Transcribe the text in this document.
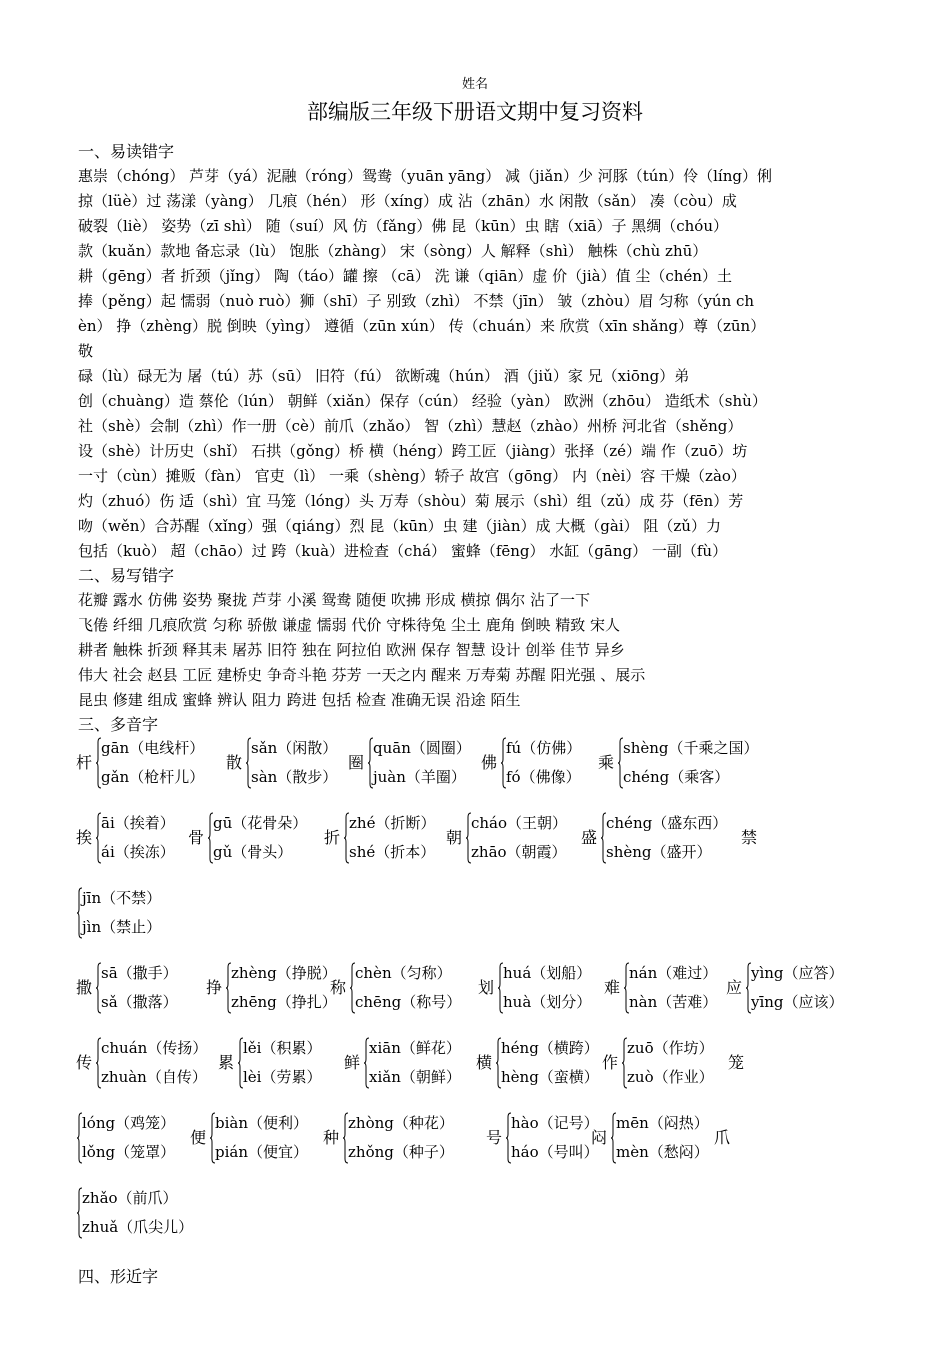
姓名
部编版三年级下册语文期中复习资料
一、易读错字
惠崇（chóng） 芦芽（yá）泥融（róng）鸳鸯（yuān yāng） 减（jiǎn）少 河豚（tún）伶（líng）俐
掠（lüè）过 荡漾（yàng） 几痕（hén） 形（xíng）成 沾（zhān）水 闲散（sǎn） 凑（còu）成
破裂（liè） 姿势（zī shì） 随（suí）风 仿（fǎng）佛 昆（kūn）虫 瞎（xiā）子 黑绸（chóu）
款（kuǎn）款地 备忘录（lù） 饱胀（zhàng） 宋（sòng）人 解释（shì） 触株（chù zhū）
耕（gēng）者 折颈（jǐng） 陶（táo）罐 擦 （cā） 洗 谦（qiān）虚 价（jià）值 尘（chén）土
捧（pěng）起 懦弱（nuò ruò）狮（shī）子 别致（zhì） 不禁（jīn） 皱（zhòu）眉 匀称（yún ch
èn） 挣（zhèng）脱 倒映（yìng） 遵循（zūn xún） 传（chuán）来 欣赏（xīn shǎng）尊（zūn）
敬
碌（lù）碌无为 屠（tú）苏（sū） 旧符（fú） 欲断魂（hún） 酒（jiǔ）家 兄（xiōng）弟
创（chuàng）造 蔡伦（lún） 朝鲜（xiǎn）保存（cún） 经验（yàn） 欧洲（zhōu） 造纸术（shù）
社（shè）会制（zhì）作一册（cè）前爪（zhǎo） 智（zhì）慧赵（zhào）州桥 河北省（shěng）
设（shè）计历史（shǐ） 石拱（gǒng）桥 横（héng）跨工匠（jiàng）张择（zé）端 作（zuō）坊
一寸（cùn）摊贩（fàn） 官吏（lì） 一乘（shèng）轿子 故宫（gōng） 内（nèi）容 干燥（zào）
灼（zhuó）伤 适（shì）宜 马笼（lóng）头 万寿（shòu）菊 展示（shì）组（zǔ）成 芬（fēn）芳
吻（wěn）合苏醒（xǐng）强（qiáng）烈 昆（kūn）虫 建（jiàn）成 大概（gài） 阻（zǔ）力
包括（kuò） 超（chāo）过 跨（kuà）进检查（chá） 蜜蜂（fēng） 水缸（gāng） 一副（fù）
二、易写错字
花瓣 露水 仿佛 姿势 聚拢 芦芽 小溪 鸳鸯 随便 吹拂 形成 横掠 偶尔 沾了一下
飞倦 纤细 几痕欣赏 匀称 骄傲 谦虚 懦弱 代价 守株待兔 尘土 鹿角 倒映 精致 宋人
耕者 触株 折颈 释其耒 屠苏 旧符 独在 阿拉伯 欧洲 保存 智慧 设计 创举 佳节 异乡
伟大 社会 赵县 工匠 建桥史 争奇斗艳 芬芳 一天之内 醒来 万寿菊 苏醒 阳光强 、展示
昆虫 修建 组成 蜜蜂 辨认 阻力 跨进 包括 检查 准确无误 沿途 陌生
三、多音字
杆
gān（电线杆）
gǎn（枪杆儿）
散
sǎn（闲散）
sàn（散步）
圈
quān（圆圈）
juàn（羊圈）
佛
fú（仿佛）
fó（佛像）
乘
shèng（千乘之国）
chéng（乘客）
挨
āi（挨着）
ái（挨冻）
骨
gū（花骨朵）
gǔ（骨头）
折
zhé（折断）
shé（折本）
朝
cháo（王朝）
zhāo（朝霞）
盛
chéng（盛东西）
shèng（盛开）
禁
jīn（不禁）
jìn（禁止）
撒
sā（撒手）
sǎ（撒落）
挣
zhèng（挣脱）
zhēng（挣扎）
称
chèn（匀称）
chēng（称号）
划
huá（划船）
huà（划分）
难
nán（难过）
nàn（苦难）
应
yìng（应答）
yīng（应该）
传
chuán（传扬）
zhuàn（自传）
累
lěi（积累）
lèi（劳累）
鲜
xiān（鲜花）
xiǎn（朝鲜）
横
héng（横跨）
hèng（蛮横）
作
zuō（作坊）
zuò（作业）
笼
lóng（鸡笼）
lǒng（笼罩）
便
biàn（便利）
pián（便宜）
种
zhòng（种花）
zhǒng（种子）
号
hào（记号）
háo（号叫）
闷
mēn（闷热）
mèn（愁闷）
爪
zhǎo（前爪）
zhuǎ（爪尖儿）
四、形近字
